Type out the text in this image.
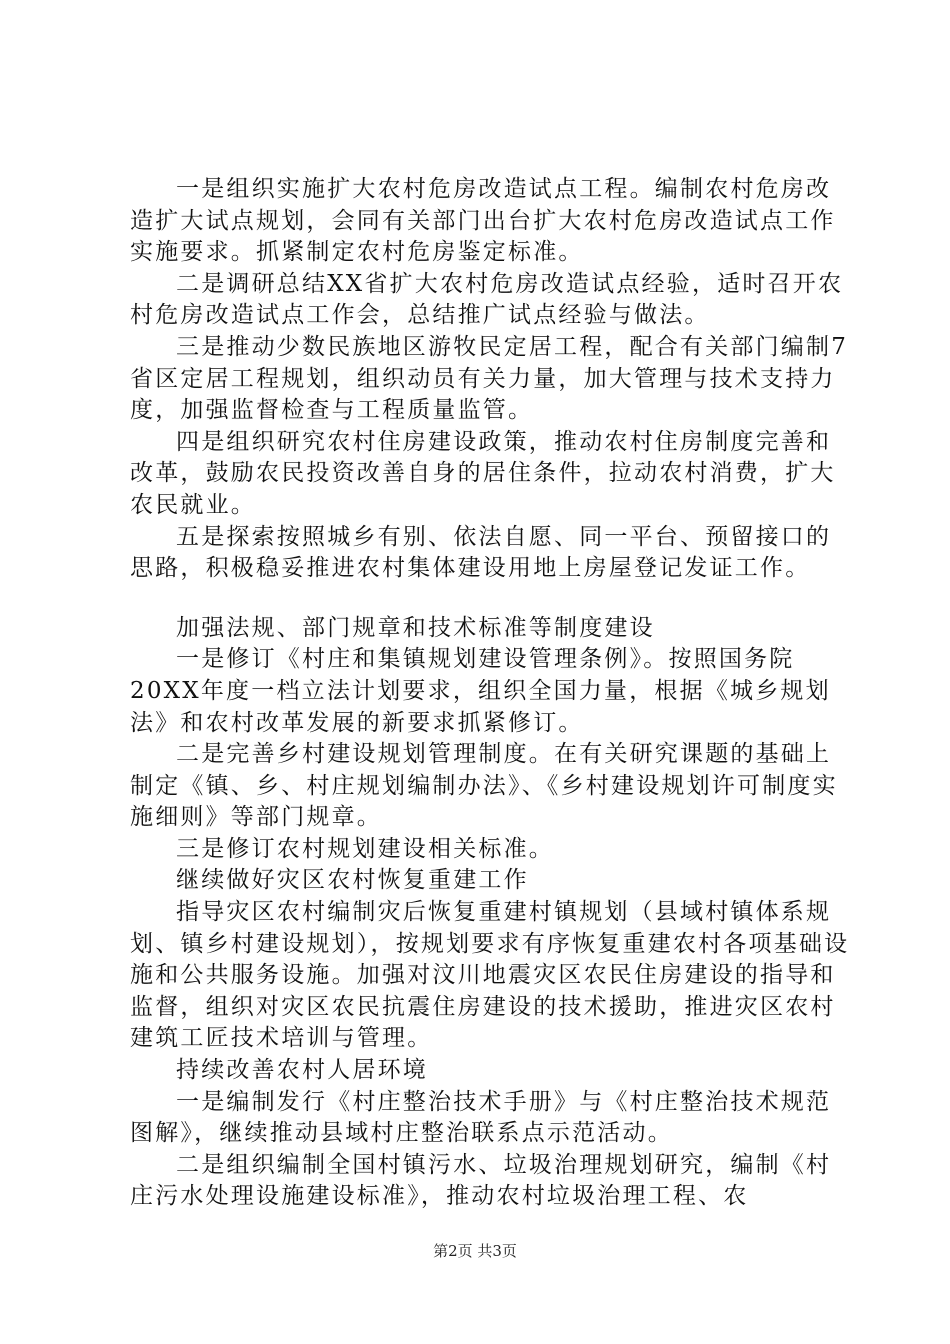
一是组织实施扩大农村危房改造试点工程。编制农村危房改造扩大试点规划，会同有关部门出台扩大农村危房改造试点工作实施要求。抓紧制定农村危房鉴定标准。

二是调研总结XX省扩大农村危房改造试点经验，适时召开农村危房改造试点工作会，总结推广试点经验与做法。

三是推动少数民族地区游牧民定居工程，配合有关部门编制7省区定居工程规划，组织动员有关力量，加大管理与技术支持力度，加强监督检查与工程质量监管。

四是组织研究农村住房建设政策，推动农村住房制度完善和改革，鼓励农民投资改善自身的居住条件，拉动农村消费，扩大农民就业。

五是探索按照城乡有别、依法自愿、同一平台、预留接口的思路，积极稳妥推进农村集体建设用地上房屋登记发证工作。

加强法规、部门规章和技术标准等制度建设

一是修订《村庄和集镇规划建设管理条例》。按照国务院20XX年度一档立法计划要求，组织全国力量，根据《城乡规划法》和农村改革发展的新要求抓紧修订。

二是完善乡村建设规划管理制度。在有关研究课题的基础上制定《镇、乡、村庄规划编制办法》、《乡村建设规划许可制度实施细则》等部门规章。

三是修订农村规划建设相关标准。

继续做好灾区农村恢复重建工作

指导灾区农村编制灾后恢复重建村镇规划（县域村镇体系规划、镇乡村建设规划），按规划要求有序恢复重建农村各项基础设施和公共服务设施。加强对汶川地震灾区农民住房建设的指导和监督，组织对灾区农民抗震住房建设的技术援助，推进灾区农村建筑工匠技术培训与管理。

持续改善农村人居环境

一是编制发行《村庄整治技术手册》与《村庄整治技术规范图解》，继续推动县域村庄整治联系点示范活动。

二是组织编制全国村镇污水、垃圾治理规划研究，编制《村庄污水处理设施建设标准》，推动农村垃圾治理工程、农

第2页 共3页
